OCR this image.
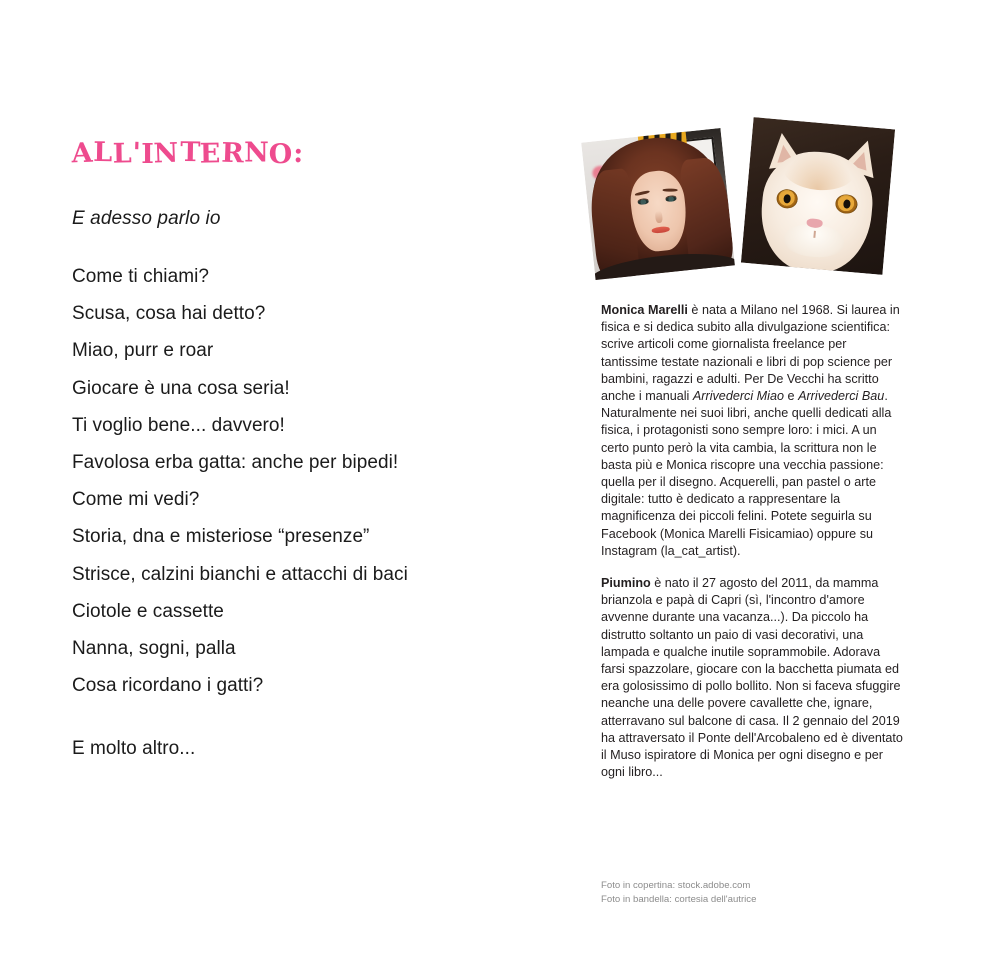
ALL'INTERNO:
E adesso parlo io
Come ti chiami?
Scusa, cosa hai detto?
Miao, purr e roar
Giocare è una cosa seria!
Ti voglio bene... davvero!
Favolosa erba gatta: anche per bipedi!
Come mi vedi?
Storia, dna e misteriose “presenze”
Strisce, calzini bianchi e attacchi di baci
Ciotole e cassette
Nanna, sogni, palla
Cosa ricordano i gatti?
E molto altro...

Monica Marelli è nata a Milano nel 1968. Si laurea in fisica e si dedica subito alla divulgazione scientifica: scrive articoli come giornalista freelance per tantissime testate nazionali e libri di pop science per bambini, ragazzi e adulti. Per De Vecchi ha scritto anche i manuali Arrivederci Miao e Arrivederci Bau. Naturalmente nei suoi libri, anche quelli dedicati alla fisica, i protagonisti sono sempre loro: i mici. A un certo punto però la vita cambia, la scrittura non le basta più e Monica riscopre una vecchia passione: quella per il disegno. Acquerelli, pan pastel o arte digitale: tutto è dedicato a rappresentare la magnificenza dei piccoli felini. Potete seguirla su Facebook (Monica Marelli Fisicamiao) oppure su Instagram (la_cat_artist).

Piumino è nato il 27 agosto del 2011, da mamma brianzola e papà di Capri (sì, l'incontro d'amore avvenne durante una vacanza...). Da piccolo ha distrutto soltanto un paio di vasi decorativi, una lampada e qualche inutile soprammobile. Adorava farsi spazzolare, giocare con la bacchetta piumata ed era golosissimo di pollo bollito. Non si faceva sfuggire neanche una delle povere cavallette che, ignare, atterravano sul balcone di casa. Il 2 gennaio del 2019 ha attraversato il Ponte dell'Arcobaleno ed è diventato il Muso ispiratore di Monica per ogni disegno e per ogni libro...

Foto in copertina: stock.adobe.com
Foto in bandella: cortesia dell'autrice
